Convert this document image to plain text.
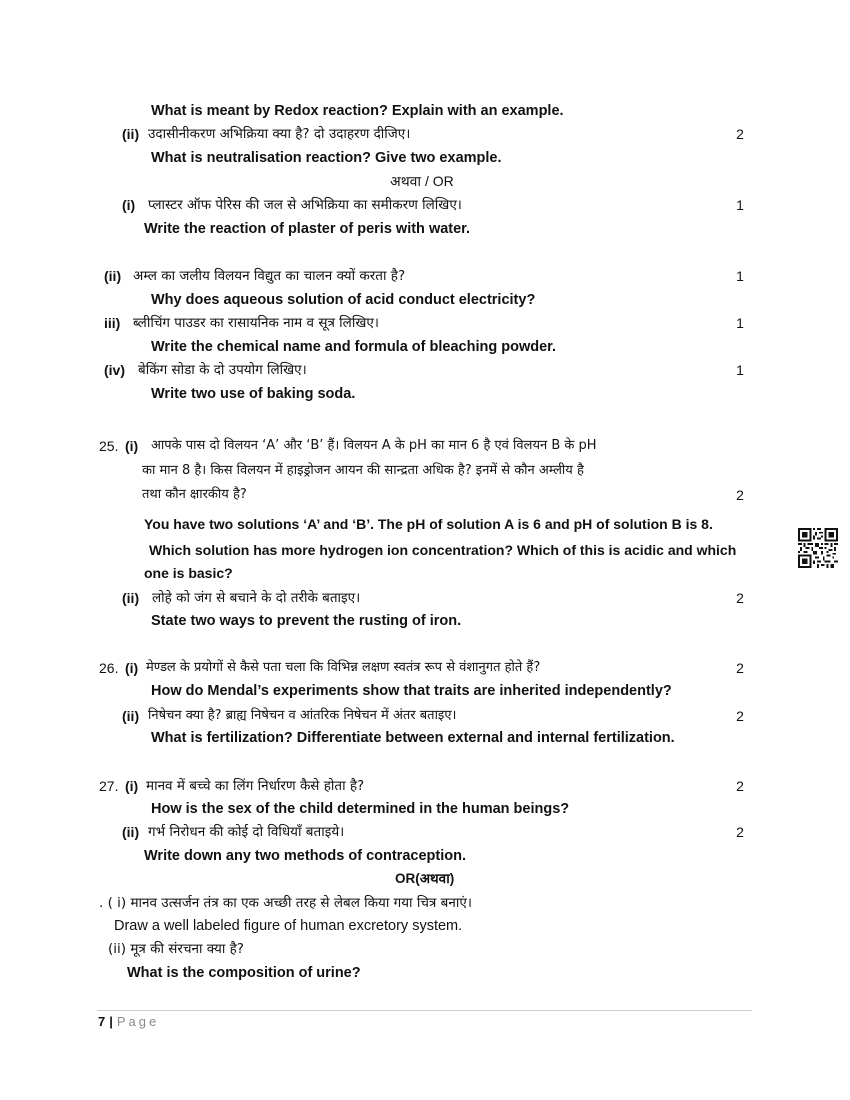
What is meant by Redox reaction? Explain with an example.
(ii) उदासीनीकरण अभिक्रिया क्या है? दो उदाहरण दीजिए।	2
What is neutralisation reaction? Give two example.
अथवा / OR
(i) प्लास्टर ऑफ पेरिस की जल से अभिक्रिया का समीकरण लिखिए।	1
Write the reaction of plaster of peris with water.
(ii) अम्ल का जलीय विलयन विद्युत का चालन क्यों करता है?	1
Why does aqueous solution of acid conduct electricity?
iii) ब्लीचिंग पाउडर का रासायनिक नाम व सूत्र लिखिए।	1
Write the chemical name and formula of bleaching powder.
(iv) बेकिंग सोडा के दो उपयोग लिखिए।	1
Write two use of baking soda.
25. (i) आपके पास दो विलयन ‘A’ और ‘B’ हैं। विलयन A के pH का मान 6 है एवं विलयन B के pH
का मान 8 है। किस विलयन में हाइड्रोजन आयन की सान्द्रता अधिक है? इनमें से कौन अम्लीय है
तथा कौन क्षारकीय है?	2
You have two solutions ‘A’ and ‘B’. The pH of solution A is 6 and pH of solution B is 8.
Which solution has more hydrogen ion concentration? Which of this is acidic and which
one is basic?
(ii) लोहे को जंग से बचाने के दो तरीके बताइए।	2
State two ways to prevent the rusting of iron.
26. (i) मेण्डल के प्रयोगों से कैसे पता चला कि विभिन्न लक्षण स्वतंत्र रूप से वंशानुगत होते हैं?	2
How do Mendal’s experiments show that traits are inherited independently?
(ii) निषेचन क्या है? ब्राह्य निषेचन व आंतरिक निषेचन में अंतर बताइए।	2
What is fertilization? Differentiate between external and internal fertilization.
27. (i) मानव में बच्चे का लिंग निर्धारण कैसे होता है?	2
How is the sex of the child determined in the human beings?
(ii) गर्भ निरोधन की कोई दो विधियाँ बताइये।	2
Write down any two methods of contraception.
OR(अथवा)
. ( i) मानव उत्सर्जन तंत्र का एक अच्छी तरह से लेबल किया गया चित्र बनाएं।
Draw a well labeled figure of human excretory system.
(ii) मूत्र की संरचना क्या है?
What is the composition of urine?
7 | Page
